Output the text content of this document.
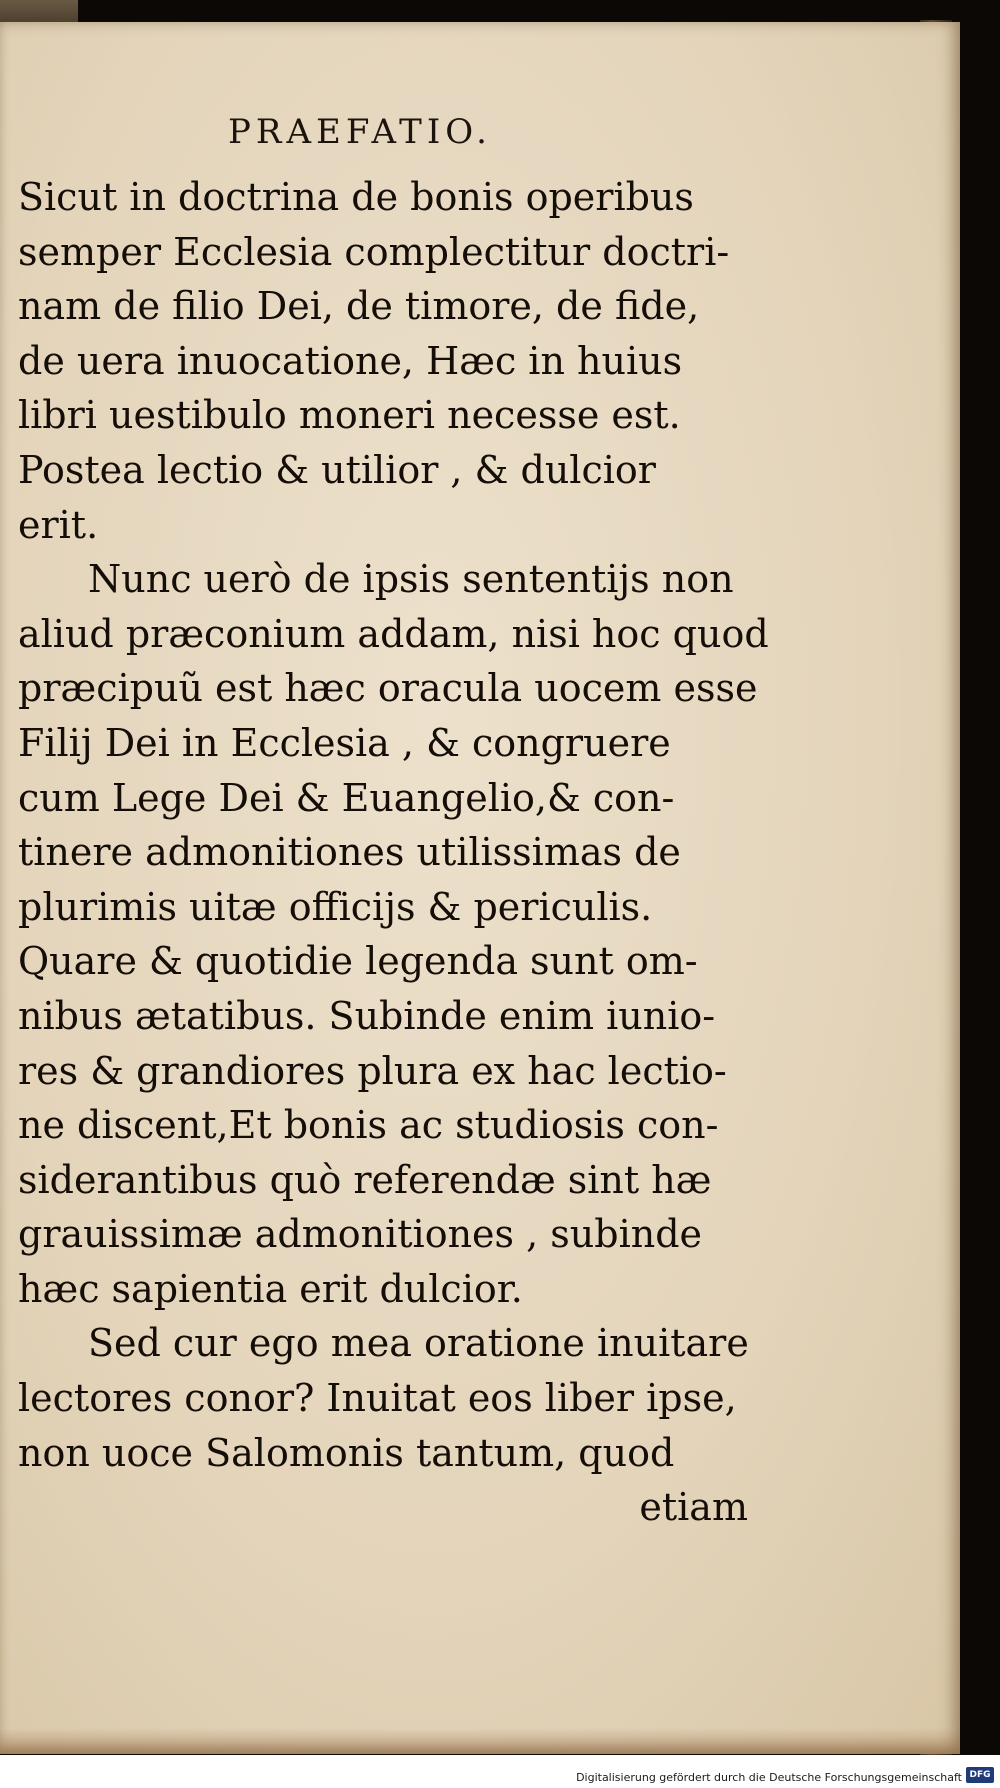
PRAEFATIO.
Sicut in doctrina de bonis operibus
semper Ecclesia complectitur doctri-
nam de filio Dei, de timore, de fide,
de uera inuocatione, Hæc in huius
libri uestibulo moneri necesse est.
Postea lectio & utilior , & dulcior
erit.
Nunc uerò de ipsis sententijs non
aliud præconium addam, nisi hoc quod
præcipuũ est hæc oracula uocem esse
Filij Dei in Ecclesia , & congruere
cum Lege Dei & Euangelio,& con-
tinere admonitiones utilissimas de
plurimis uitæ officijs & periculis.
Quare & quotidie legenda sunt om-
nibus ætatibus. Subinde enim iunio-
res & grandiores plura ex hac lectio-
ne discent,Et bonis ac studiosis con-
siderantibus quò referendæ sint hæ
grauissimæ admonitiones , subinde
hæc sapientia erit dulcior.
Sed cur ego mea oratione inuitare
lectores conor? Inuitat eos liber ipse,
non uoce Salomonis tantum, quod
etiam
Digitalisierung gefördert durch die Deutsche Forschungsgemeinschaft DFG
